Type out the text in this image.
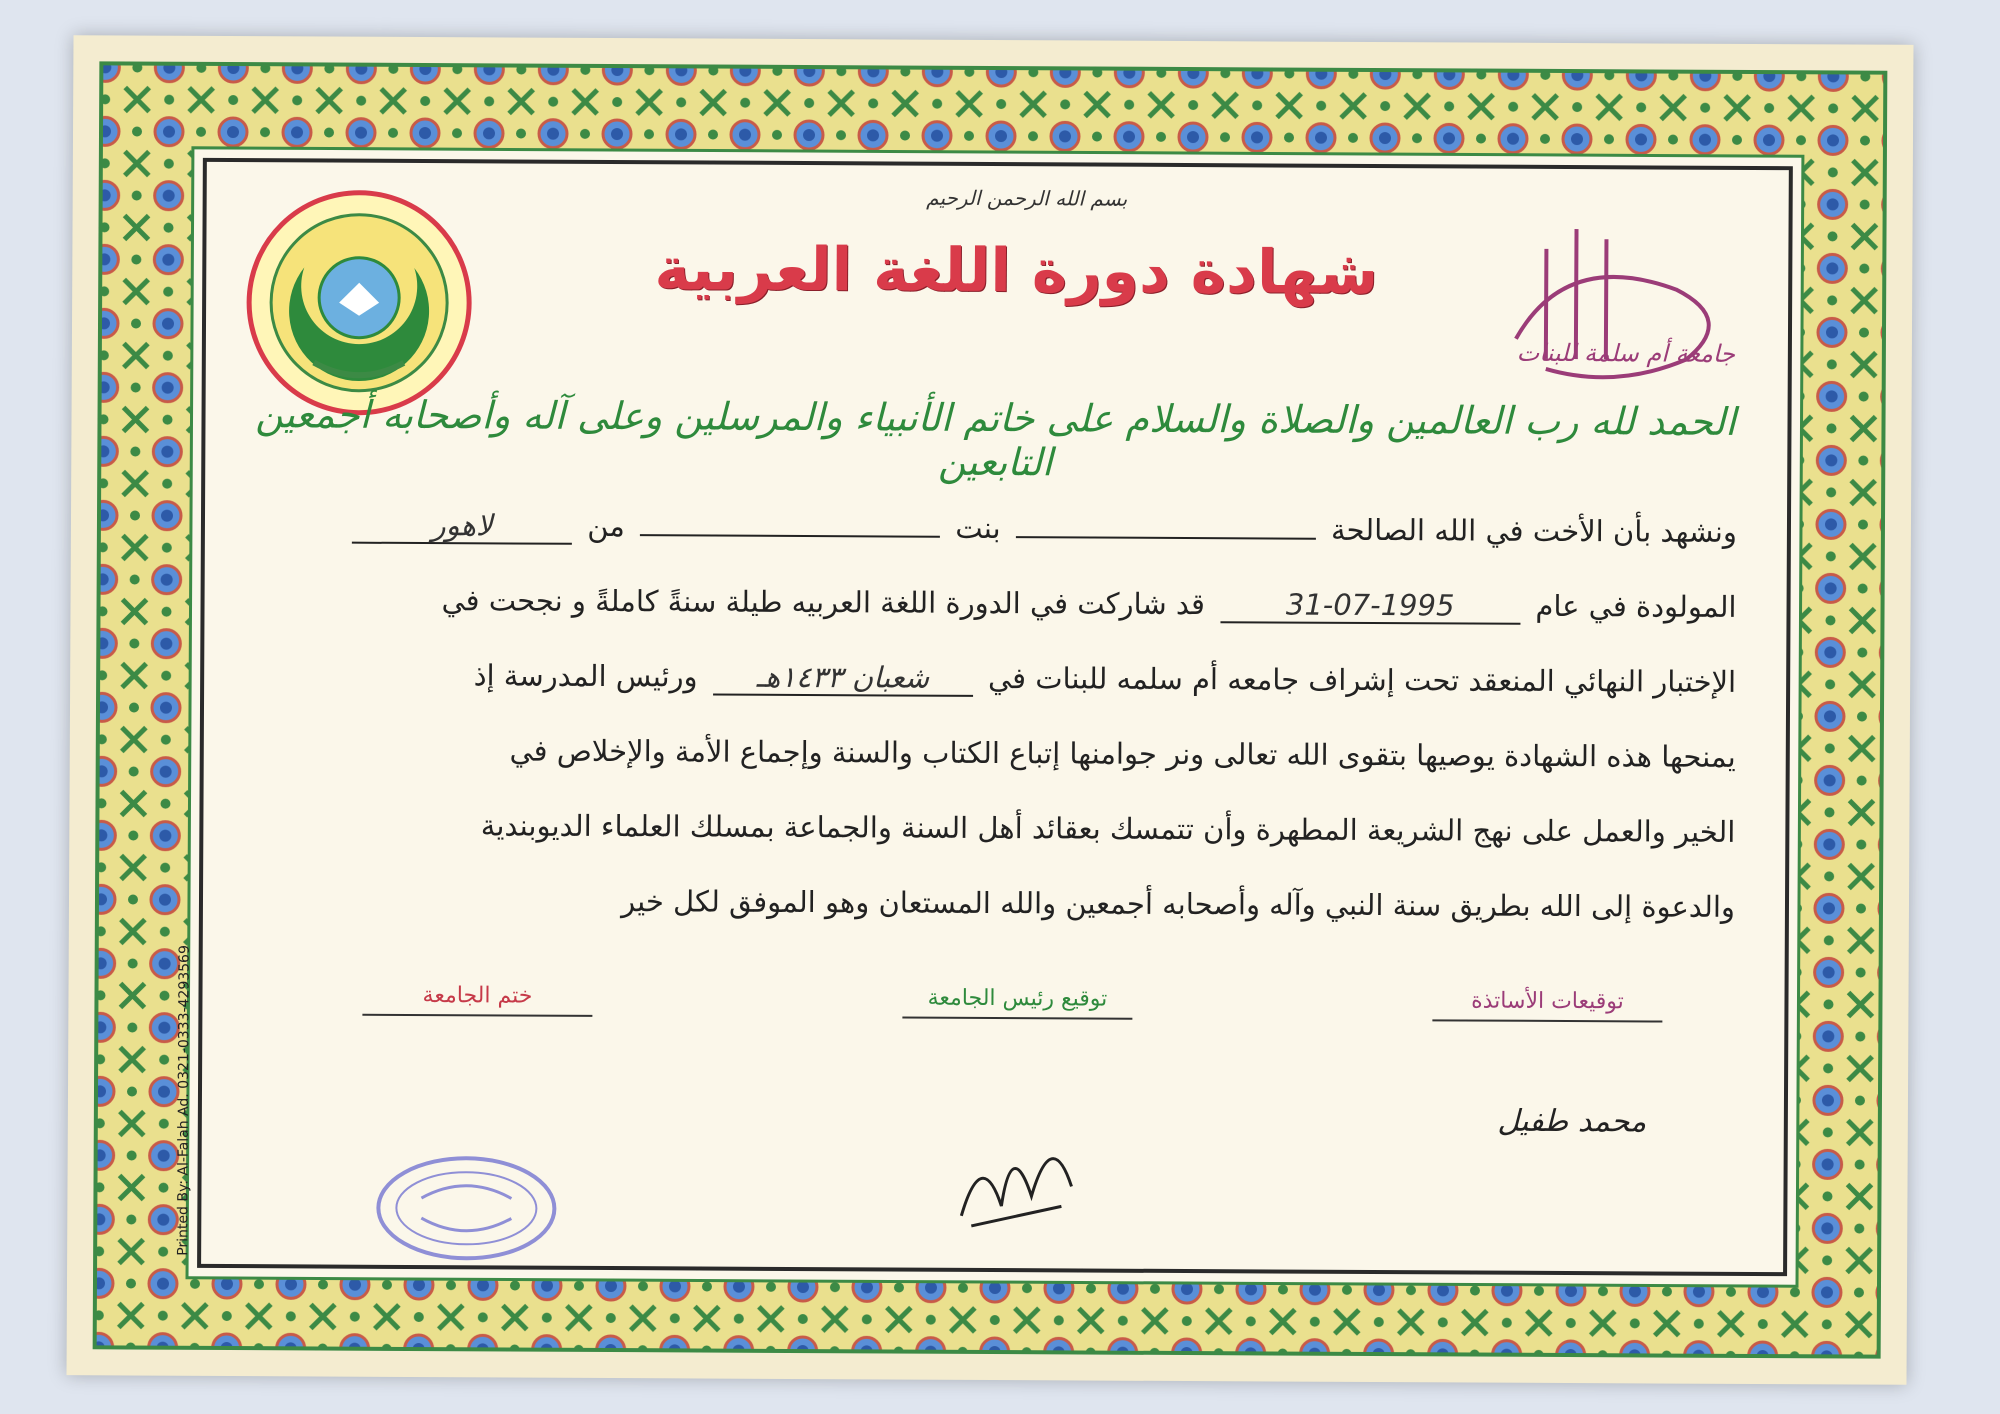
بسم الله الرحمن الرحيم
شهادة دورة اللغة العربية
جامعة أم سلمة للبنات
الحمد لله رب العالمين والصلاة والسلام على خاتم الأنبياء والمرسلين وعلى آله وأصحابه أجمعين التابعين
ونشهد بأن الأخت في الله الصالحة  بنت  من لاهور
المولودة في عام 31-07-1995 قد شاركت في الدورة اللغة العربيه طيلة سنةً كاملةً و نجحت في
الإختبار النهائي المنعقد تحت إشراف جامعه أم سلمه للبنات في شعبان ١٤٣٣هـ ورئيس المدرسة إذ
يمنحها هذه الشهادة يوصيها بتقوى الله تعالى ونر جوامنها إتباع الكتاب والسنة وإجماع الأمة والإخلاص في
الخير والعمل على نهج الشريعة المطهرة وأن تتمسك بعقائد أهل السنة والجماعة بمسلك العلماء الديوبندية
والدعوة إلى الله بطريق سنة النبي وآله وأصحابه أجمعين والله المستعان وهو الموفق لكل خير
ختم الجامعة	توقيع رئيس الجامعة	توقيعات الأساتذة
محمد طفيل
Printed By: Al-Falah Ad. 0321-0333-4293569
